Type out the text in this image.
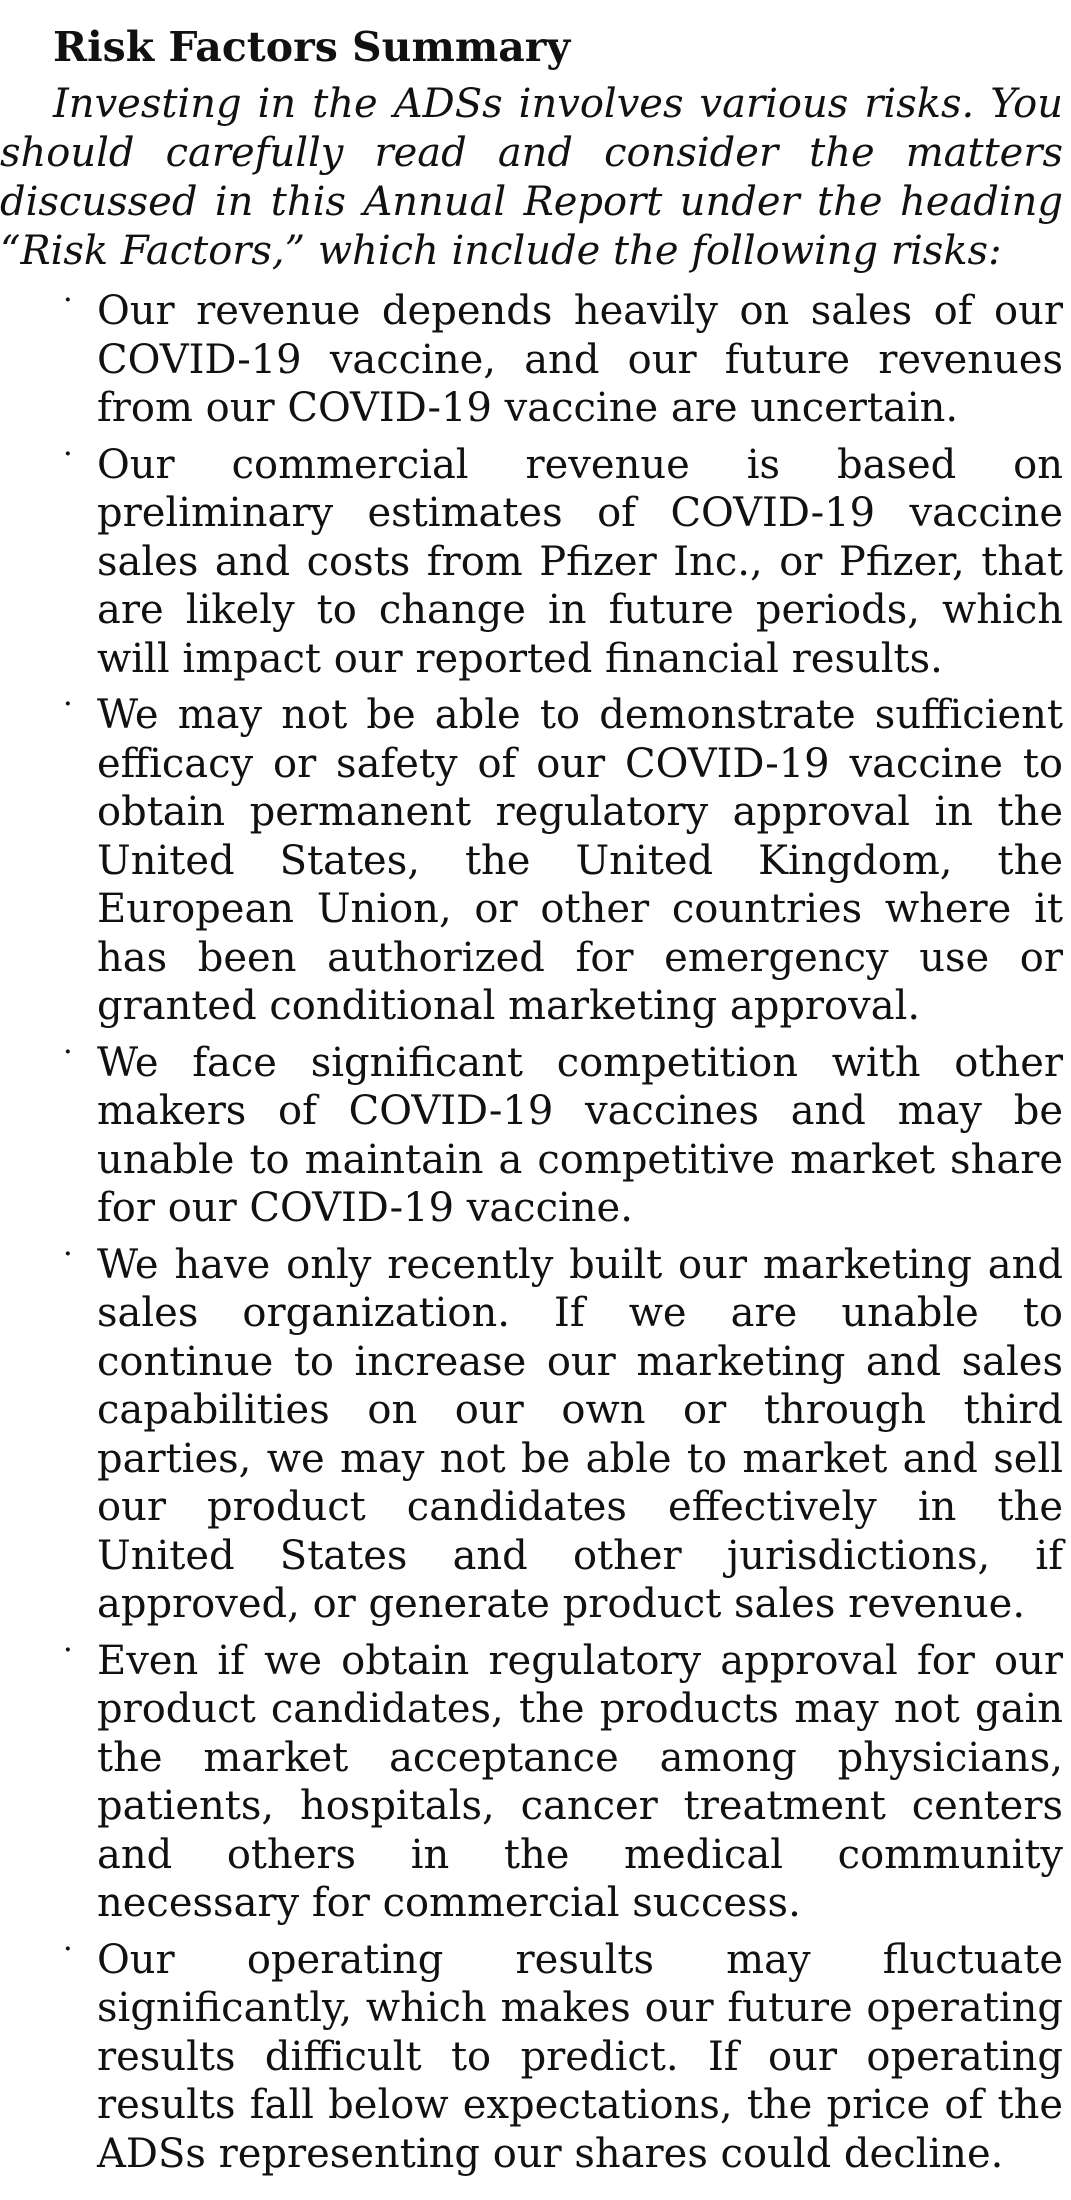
Risk Factors Summary

Investing in the ADSs involves various risks. You should carefully read and consider the matters discussed in this Annual Report under the heading “Risk Factors,” which include the following risks:

· Our revenue depends heavily on sales of our COVID-19 vaccine, and our future revenues from our COVID-19 vaccine are uncertain.
· Our commercial revenue is based on preliminary estimates of COVID-19 vaccine sales and costs from Pfizer Inc., or Pfizer, that are likely to change in future periods, which will impact our reported financial results.
· We may not be able to demonstrate sufficient efficacy or safety of our COVID-19 vaccine to obtain permanent regulatory approval in the United States, the United Kingdom, the European Union, or other countries where it has been authorized for emergency use or granted conditional marketing approval.
· We face significant competition with other makers of COVID-19 vaccines and may be unable to maintain a competitive market share for our COVID-19 vaccine.
· We have only recently built our marketing and sales organization. If we are unable to continue to increase our marketing and sales capabilities on our own or through third parties, we may not be able to market and sell our product candidates effectively in the United States and other jurisdictions, if approved, or generate product sales revenue.
· Even if we obtain regulatory approval for our product candidates, the products may not gain the market acceptance among physicians, patients, hospitals, cancer treatment centers and others in the medical community necessary for commercial success.
· Our operating results may fluctuate significantly, which makes our future operating results difficult to predict. If our operating results fall below expectations, the price of the ADSs representing our shares could decline.
